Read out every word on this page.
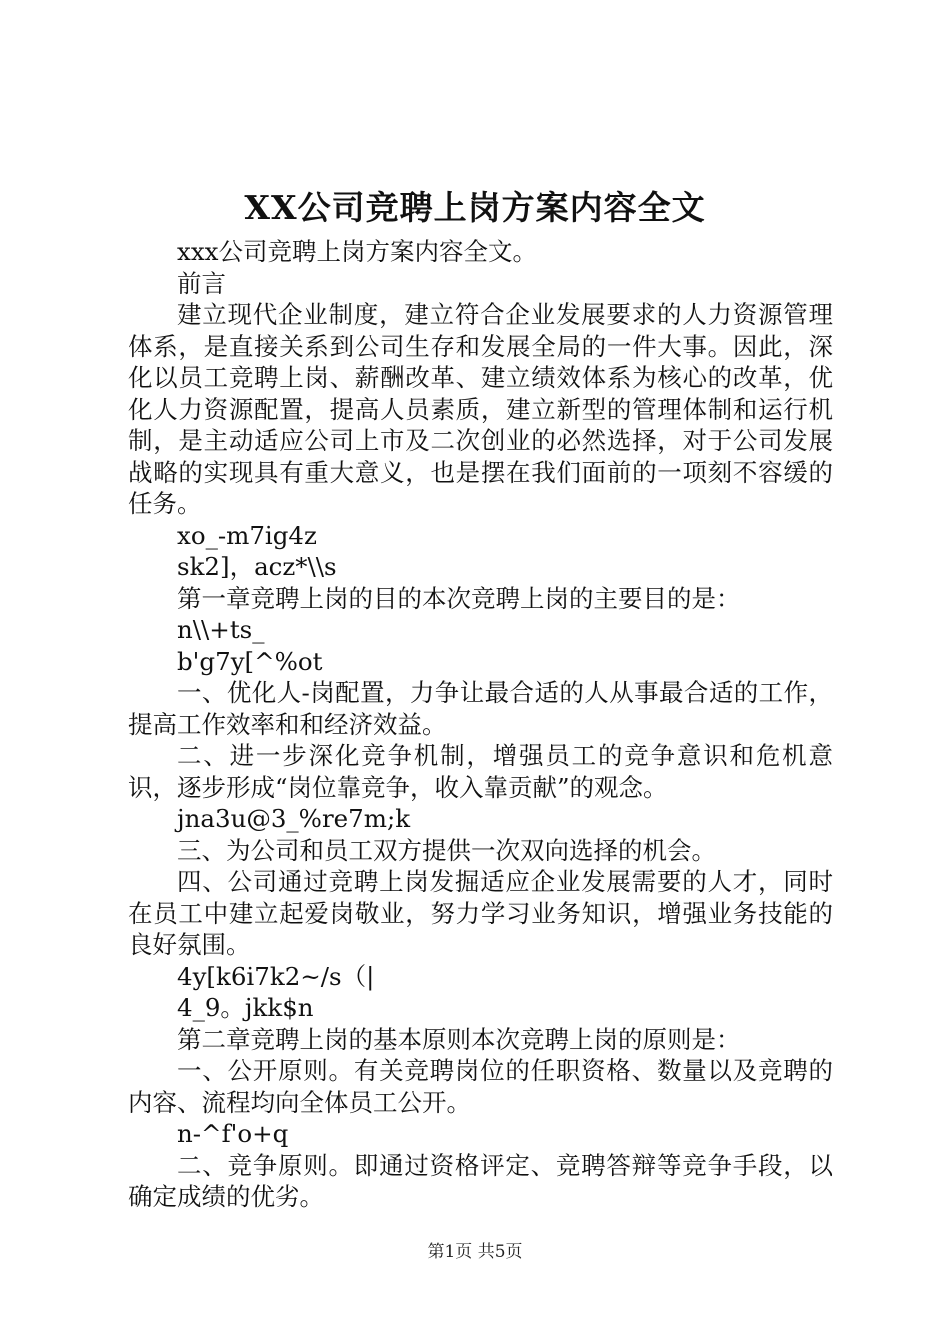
XX公司竞聘上岗方案内容全文

xxx公司竞聘上岗方案内容全文。

前言

建立现代企业制度，建立符合企业发展要求的人力资源管理体系，是直接关系到公司生存和发展全局的一件大事。因此，深化以员工竞聘上岗、薪酬改革、建立绩效体系为核心的改革，优化人力资源配置，提高人员素质，建立新型的管理体制和运行机制，是主动适应公司上市及二次创业的必然选择，对于公司发展战略的实现具有重大意义，也是摆在我们面前的一项刻不容缓的任务。

xo_-m7ig4z

sk2]，acz*\\s

第一章竞聘上岗的目的本次竞聘上岗的主要目的是：

n\\+ts_

b'g7y[^%ot

一、优化人-岗配置，力争让最合适的人从事最合适的工作，提高工作效率和和经济效益。

二、进一步深化竞争机制，增强员工的竞争意识和危机意识，逐步形成“岗位靠竞争，收入靠贡献”的观念。

jna3u@3_%re7m;k

三、为公司和员工双方提供一次双向选择的机会。

四、公司通过竞聘上岗发掘适应企业发展需要的人才，同时在员工中建立起爱岗敬业，努力学习业务知识，增强业务技能的良好氛围。

4y[k6i7k2~/s（|

4_9。jkk$n

第二章竞聘上岗的基本原则本次竞聘上岗的原则是：

一、公开原则。有关竞聘岗位的任职资格、数量以及竞聘的内容、流程均向全体员工公开。

n-^f'o+q

二、竞争原则。即通过资格评定、竞聘答辩等竞争手段，以确定成绩的优劣。

第1页 共5页
